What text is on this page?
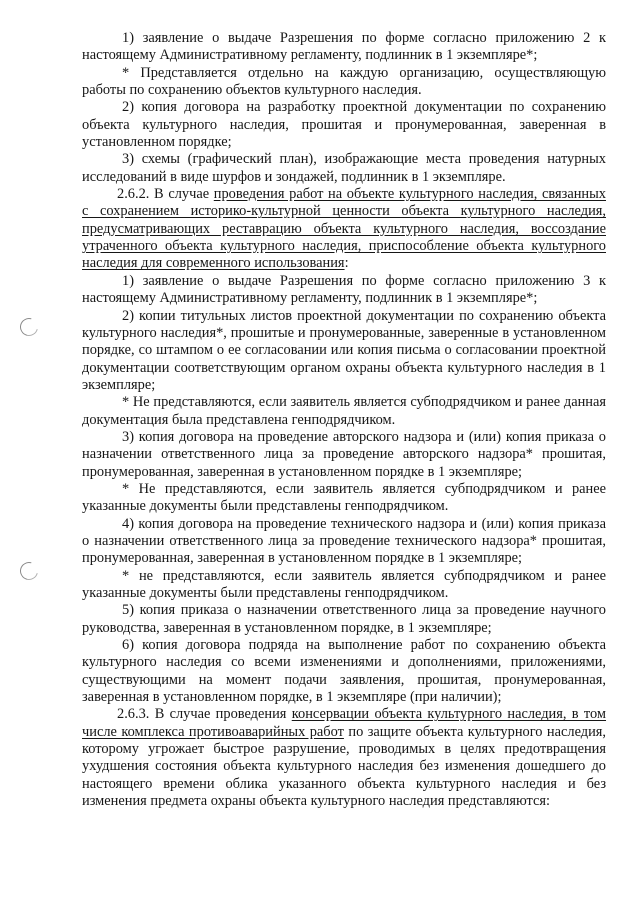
1) заявление о выдаче Разрешения по форме согласно приложению 2 к настоящему Административному регламенту, подлинник в 1 экземпляре*;

* Представляется отдельно на каждую организацию, осуществляющую работы по сохранению объектов культурного наследия.

2) копия договора на разработку проектной документации по сохранению объекта культурного наследия, прошитая и пронумерованная, заверенная в установленном порядке;

3) схемы (графический план), изображающие места проведения натурных исследований в виде шурфов и зондажей, подлинник в 1 экземпляре.

2.6.2. В случае проведения работ на объекте культурного наследия, связанных с сохранением историко-культурной ценности объекта культурного наследия, предусматривающих реставрацию объекта культурного наследия, воссоздание утраченного объекта культурного наследия, приспособление объекта культурного наследия для современного использования:

1) заявление о выдаче Разрешения по форме согласно приложению 3 к настоящему Административному регламенту, подлинник в 1 экземпляре*;

2) копии титульных листов проектной документации по сохранению объекта культурного наследия*, прошитые и пронумерованные, заверенные в установленном порядке, со штампом о ее согласовании или копия письма о согласовании проектной документации соответствующим органом охраны объекта культурного наследия в 1 экземпляре;

* Не представляются, если заявитель является субподрядчиком и ранее данная документация была представлена генподрядчиком.

3) копия договора на проведение авторского надзора и (или) копия приказа о назначении ответственного лица за проведение авторского надзора* прошитая, пронумерованная, заверенная в установленном порядке в 1 экземпляре;

* Не представляются, если заявитель является субподрядчиком и ранее указанные документы были представлены генподрядчиком.

4) копия договора на проведение технического надзора и (или) копия приказа о назначении ответственного лица за проведение технического надзора* прошитая, пронумерованная, заверенная в установленном порядке в 1 экземпляре;

* не представляются, если заявитель является субподрядчиком и ранее указанные документы были представлены генподрядчиком.

5) копия приказа о назначении ответственного лица за проведение научного руководства, заверенная в установленном порядке, в 1 экземпляре;

6) копия договора подряда на выполнение работ по сохранению объекта культурного наследия со всеми изменениями и дополнениями, приложениями, существующими на момент подачи заявления, прошитая, пронумерованная, заверенная в установленном порядке, в 1 экземпляре (при наличии);

2.6.3. В случае проведения консервации объекта культурного наследия, в том числе комплекса противоаварийных работ по защите объекта культурного наследия, которому угрожает быстрое разрушение, проводимых в целях предотвращения ухудшения состояния объекта культурного наследия без изменения дошедшего до настоящего времени облика указанного объекта культурного наследия и без изменения предмета охраны объекта культурного наследия представляются:
